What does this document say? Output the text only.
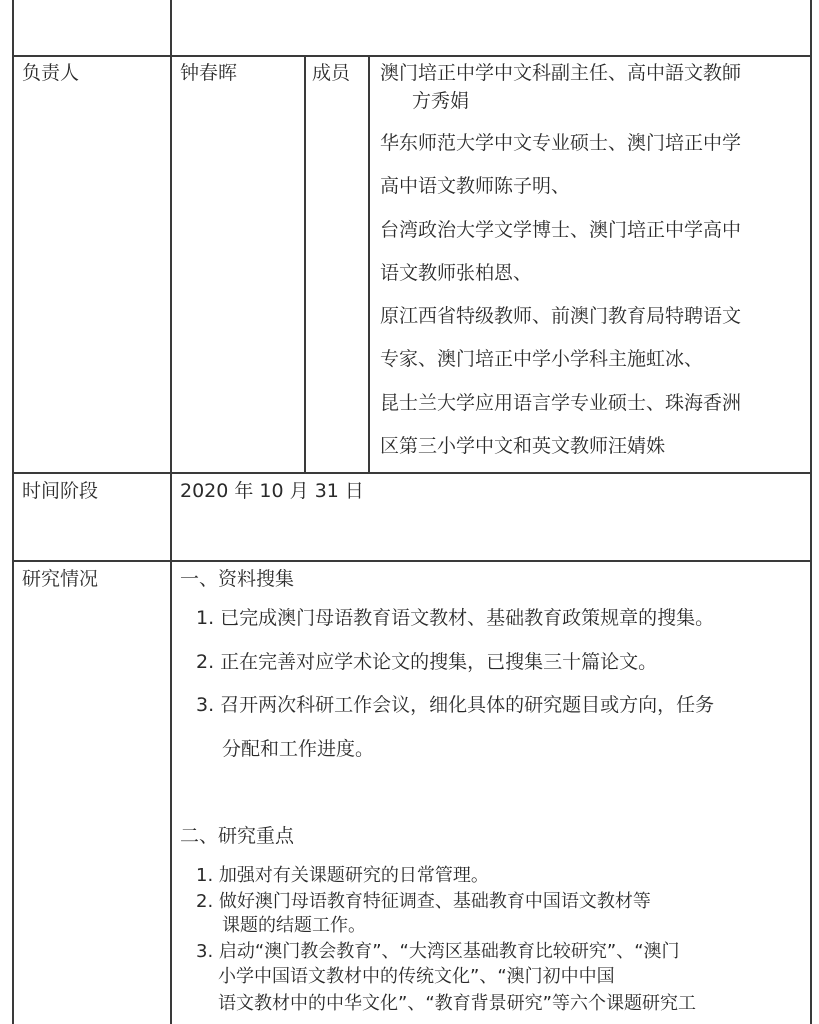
负责人	钟春晖	成员 澳门培正中学中文科副主任、高中語文教師
方秀娟
华东师范大学中文专业硕士、澳门培正中学
高中语文教师陈子明、
台湾政治大学文学博士、澳门培正中学高中
语文教师张柏恩、
原江西省特级教师、前澳门教育局特聘语文
专家、澳门培正中学小学科主施虹冰、
昆士兰大学应用语言学专业硕士、珠海香洲
区第三小学中文和英文教师汪婧姝
时间阶段	2020 年 10 月 31 日
研究情况	一、资料搜集
1. 已完成澳门母语教育语文教材、基础教育政策规章的搜集。
2. 正在完善对应学术论文的搜集，已搜集三十篇论文。
3. 召开两次科研工作会议，细化具体的研究题目或方向，任务
分配和工作进度。
二、研究重点
1. 加强对有关课题研究的日常管理。
2. 做好澳门母语教育特征调查、基础教育中国语文教材等
课题的结题工作。
3. 启动“澳门教会教育”、“大湾区基础教育比较研究”、“澳门
小学中国语文教材中的传统文化”、“澳门初中中国
语文教材中的中华文化”、“教育背景研究”等六个课题研究工
